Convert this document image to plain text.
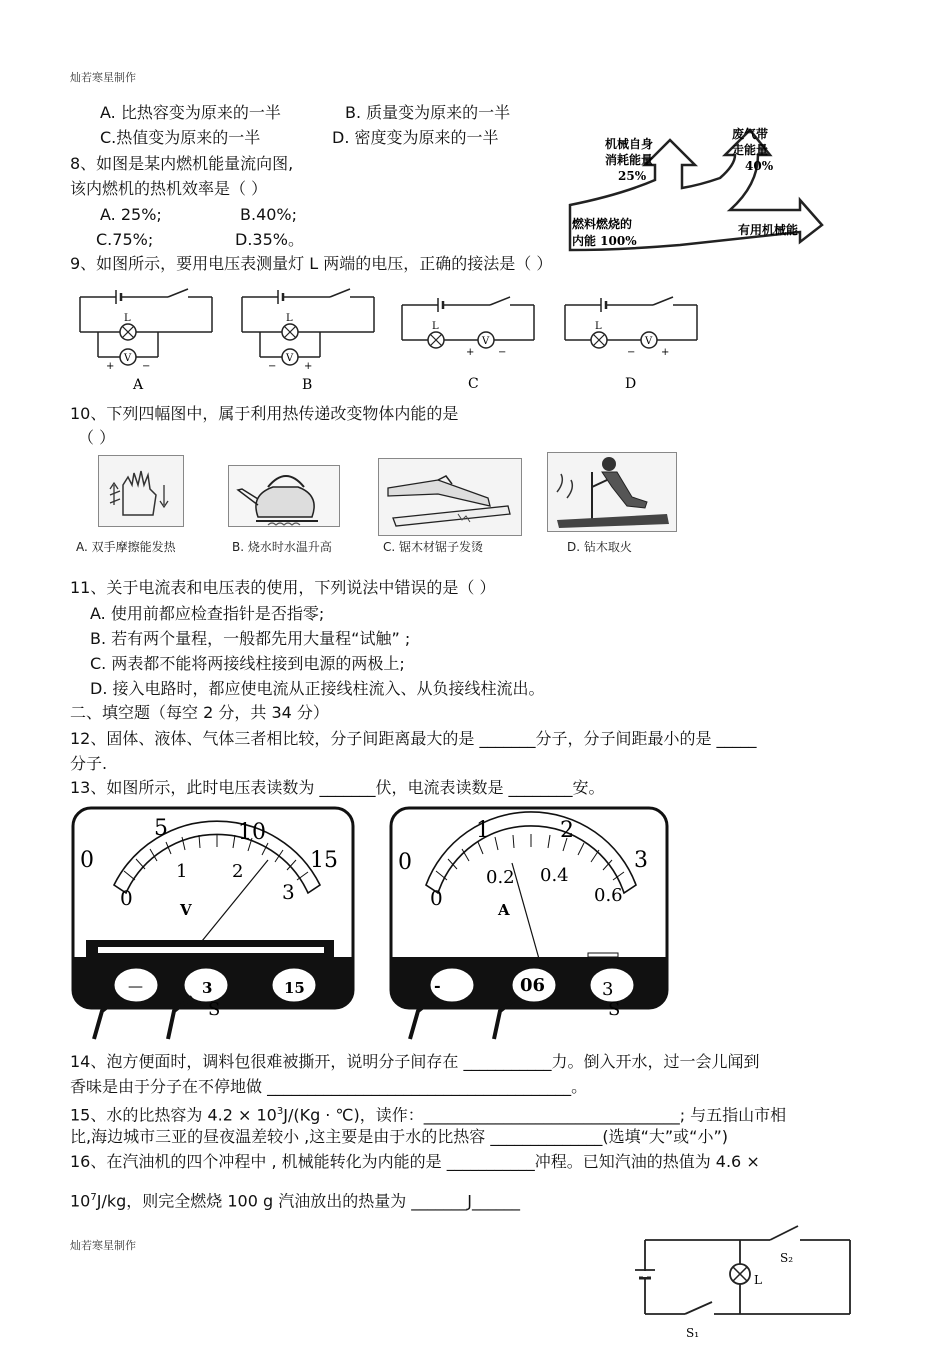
灿若寒星制作
A. 比热容变为原来的一半	B. 质量变为原来的一半
C.热值变为原来的一半	D. 密度变为原来的一半
8、如图是某内燃机能量流向图,
该内燃机的热机效率是（ ）
A. 25%;	B.40%;
C.75%;	D.35%。
燃料燃烧的
内能 100%
机械自身
消耗能量
25%
废气带
走能量
40%
有用机械能
9、如图所示，要用电压表测量灯 L 两端的电压，正确的接法是（ ）
L
V
+	−
A
L
V
−	+
B
L
V
+ −
C
L
V
−	+
D
10、下列四幅图中，属于利用热传递改变物体内能的是
（ ）
A. 双手摩擦能发热	B. 烧水时水温升高	C. 锯木材锯子发烫	D. 钻木取火
11、关于电流表和电压表的使用，下列说法中错误的是（ ）
A. 使用前都应检查指针是否指零;
B. 若有两个量程，一般都先用大量程“试触” ;
C. 两表都不能将两接线柱接到电源的两极上;
D. 接入电路时，都应使电流从正接线柱流入、从负接线柱流出。
二、填空题（每空 2 分，共 34 分）
12、固体、液体、气体三者相比较，分子间距离最大的是 _______分子，分子间距最小的是 _____
分子.
13、如图所示，此时电压表读数为 _______伏，电流表读数是 ________安。
0
5	10
15
0
1 2
3
V
—	3	15
S
0
1	2
3
0
0.2 0.4
0.6
A
-	06	3
S
14、泡方便面时，调料包很难被撕开，说明分子间存在 ___________力。倒入开水，过一会儿闻到
香味是由于分子在不停地做 ______________________________________。
15、水的比热容为 $4.2 \times 10^3J/(Kg$ · ℃)，读作：________________________________; 与五指山市相
比,海边城市三亚的昼夜温差较小 ,这主要是由于水的比热容 ______________(选填“大”或“小”)
16、在汽油机的四个冲程中 , 机械能转化为内能的是 ___________冲程。已知汽油的热值为 4.6 ×
$10^7J/kg$，则完全燃烧 100 g 汽油放出的热量为 _______J______
灿若寒星制作
L
S₁
S₂
